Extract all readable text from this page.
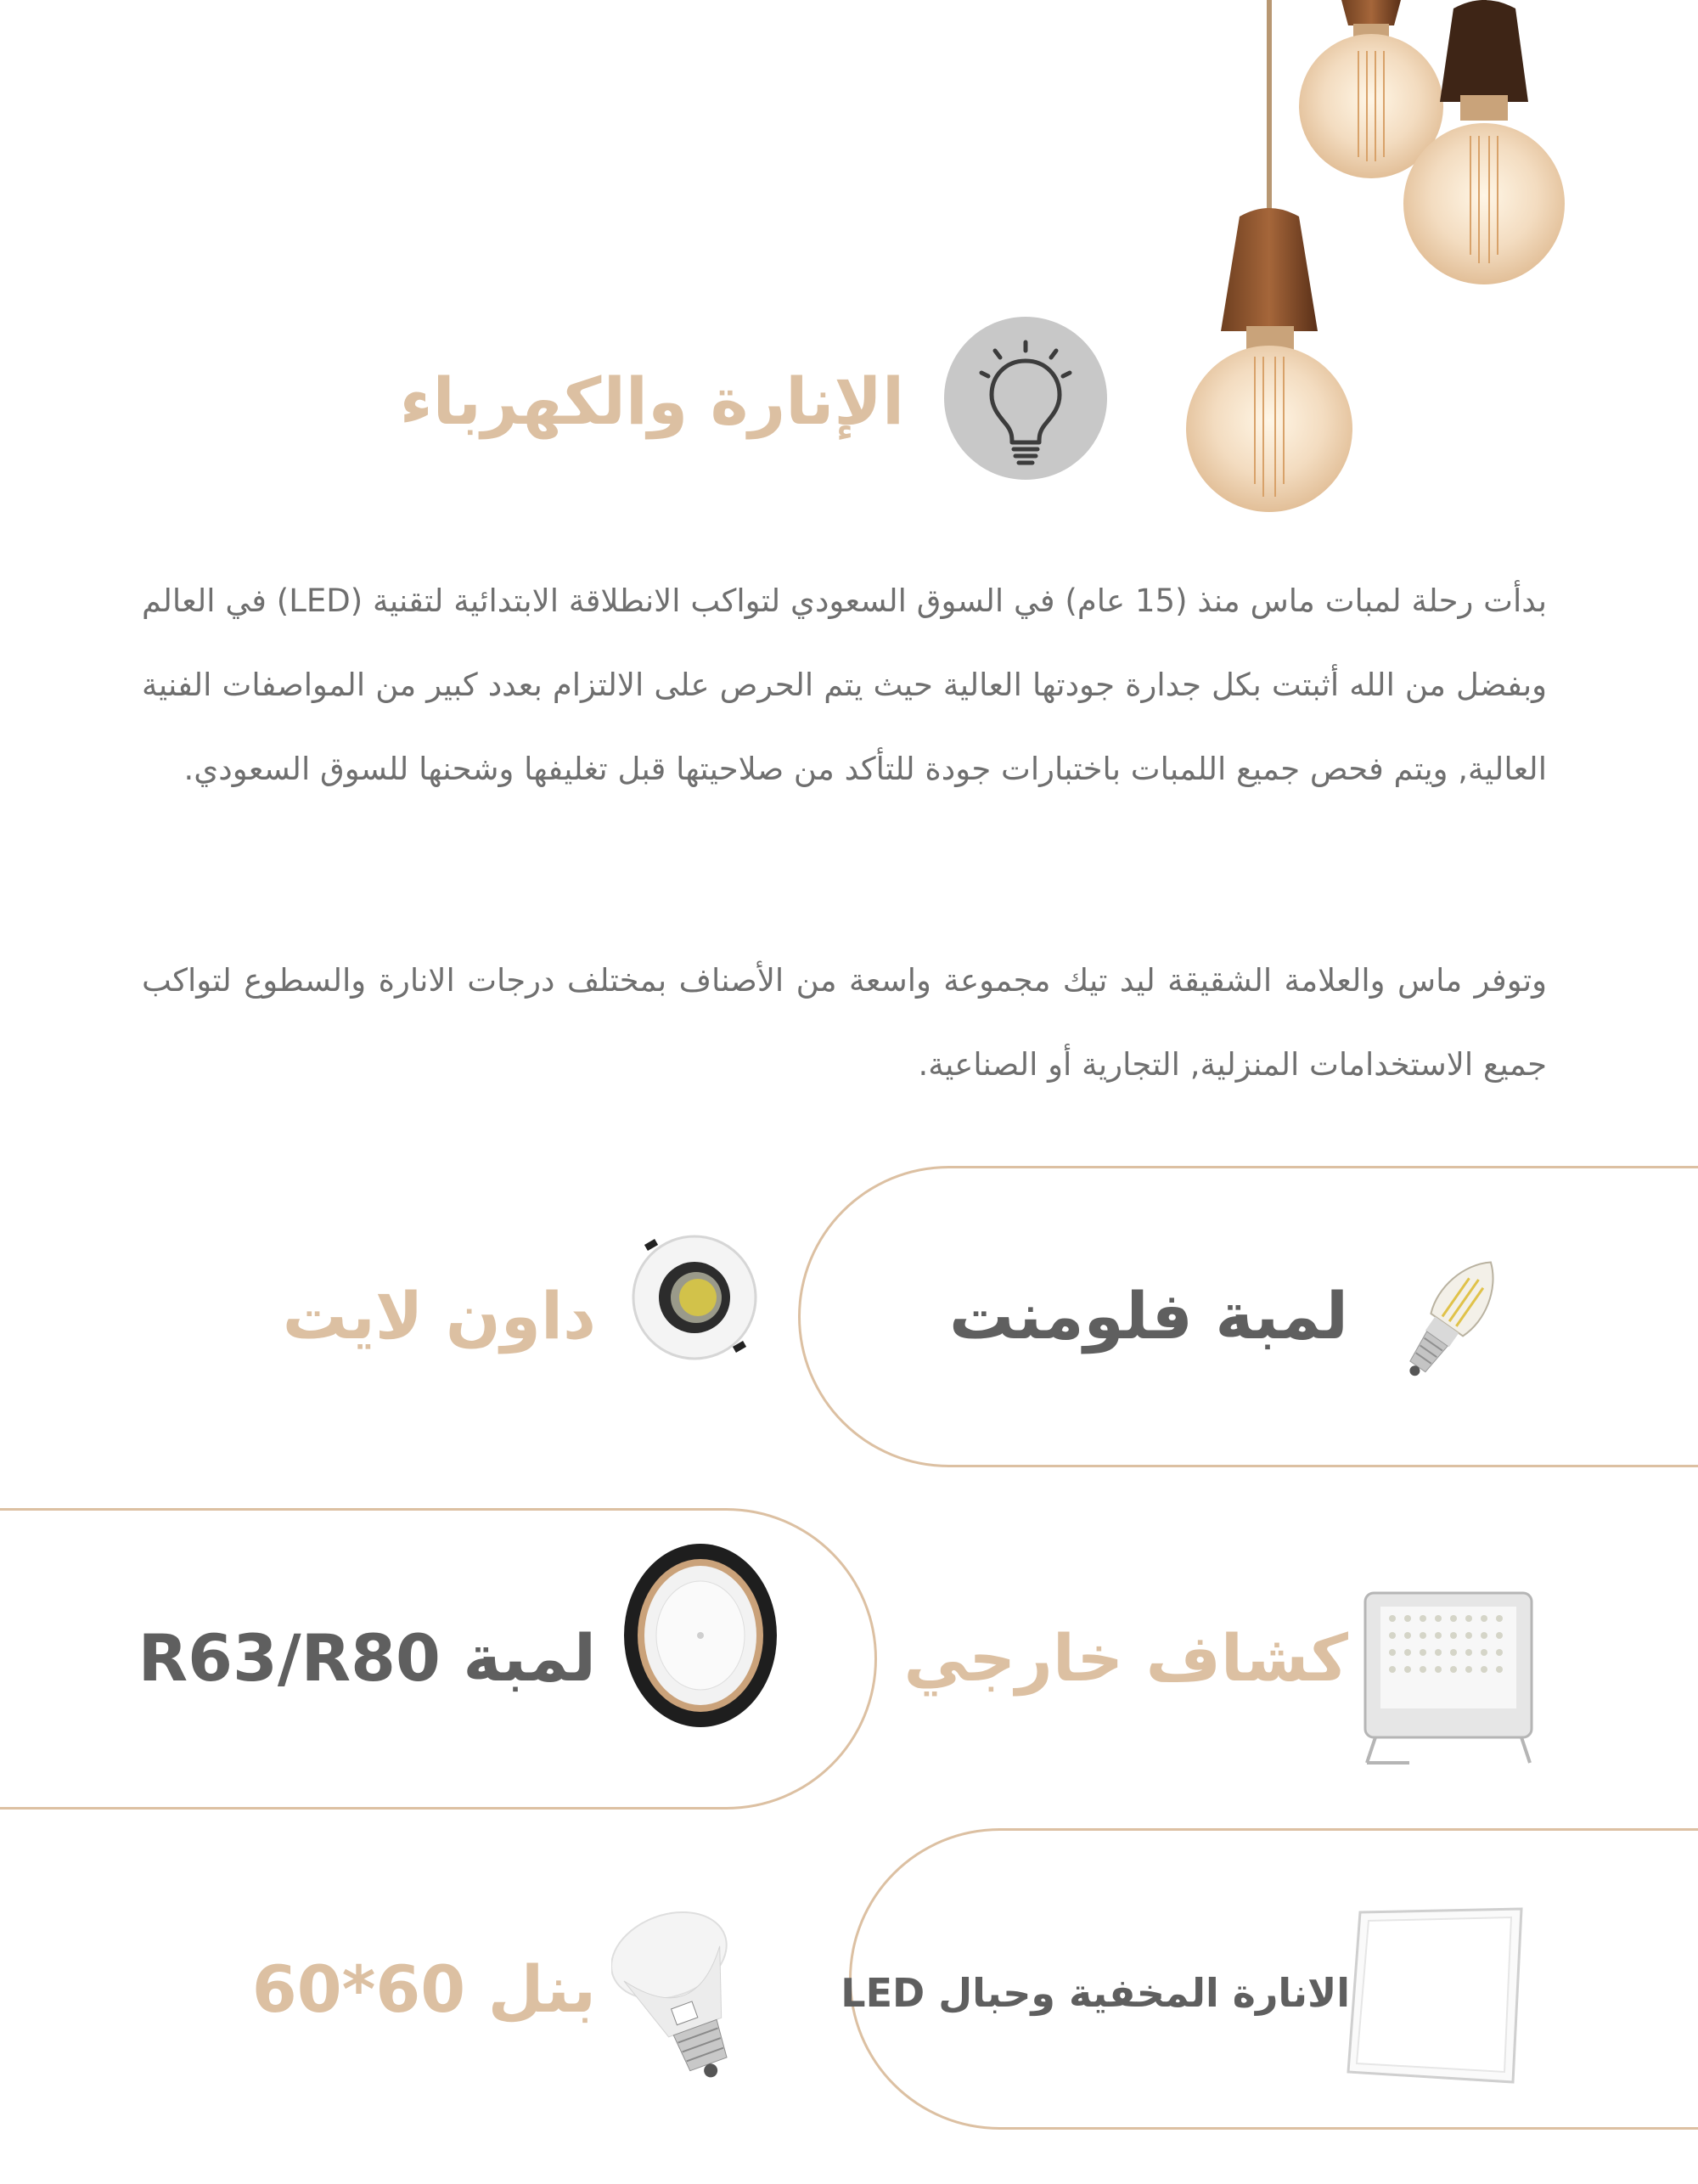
الإنارة والكهرباء
بدأت رحلة لمبات ماس منذ (15 عام) في السوق السعودي لتواكب الانطلاقة الابتدائية لتقنية (LED) في العالم وبفضل من الله أثبتت بكل جدارة جودتها العالية حيث يتم الحرص على الالتزام بعدد كبير من المواصفات الفنية العالية, ويتم فحص جميع اللمبات باختبارات جودة للتأكد من صلاحيتها قبل تغليفها وشحنها للسوق السعودي.
وتوفر ماس والعلامة الشقيقة ليد تيك مجموعة واسعة من الأصناف بمختلف درجات الانارة والسطوع لتواكب جميع الاستخدامات المنزلية, التجارية أو الصناعية.
لمبة فلومنت
داون لايت
كشاف خارجي
لمبة R63/R80
الانارة المخفية وحبال LED
بنل 60*60
